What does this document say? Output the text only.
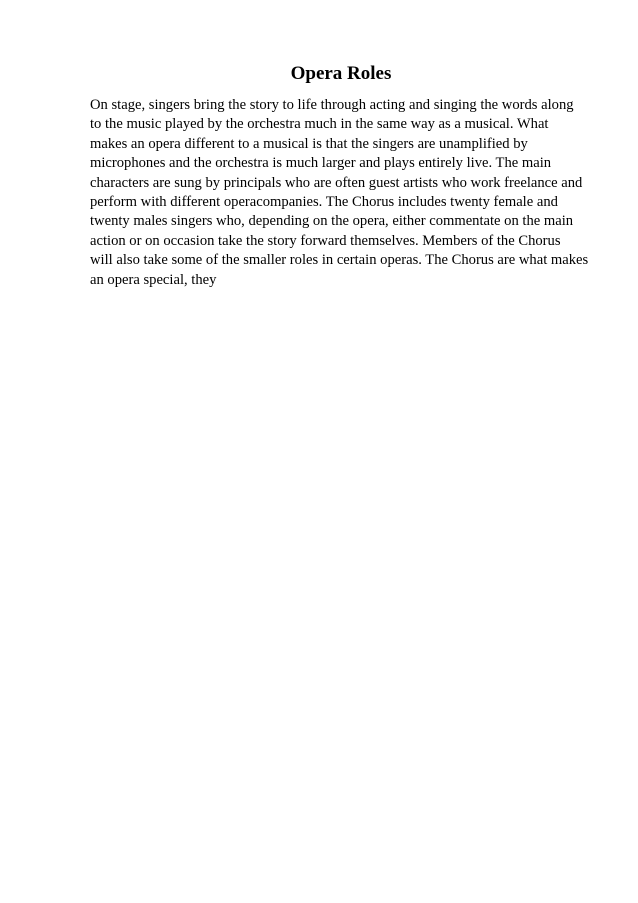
Opera Roles

On stage, singers bring the story to life through acting and singing the words along
to the music played by the orchestra much in the same way as a musical. What
makes an opera different to a musical is that the singers are unamplified by
microphones and the orchestra is much larger and plays entirely live. The main
characters are sung by principals who are often guest artists who work freelance and
perform with different operacompanies. The Chorus includes twenty female and
twenty males singers who, depending on the opera, either commentate on the main
action or on occasion take the story forward themselves. Members of the Chorus
will also take some of the smaller roles in certain operas. The Chorus are what makes
an opera special, they
